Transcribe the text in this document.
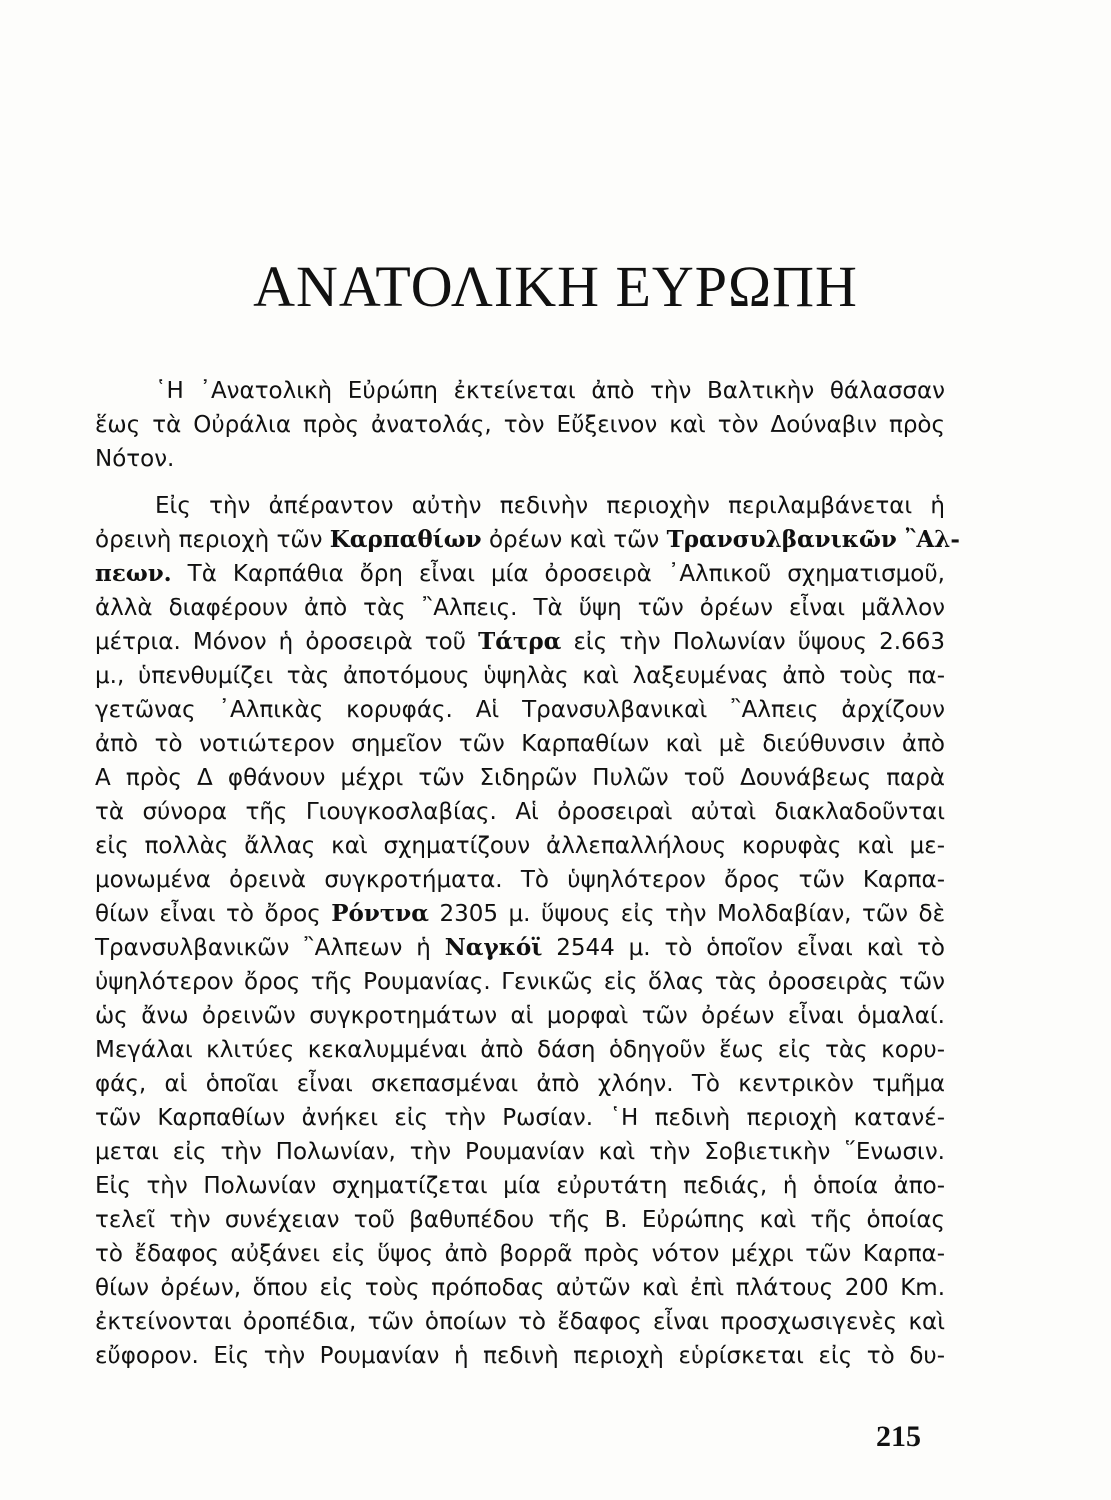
ΑΝΑΤΟΛΙΚΗ ΕΥΡΩΠΗ
῾Η ᾿Ανατολικὴ Εὐρώπη ἐκτείνεται ἀπὸ τὴν Βαλτικὴν θάλασσαν
ἕως τὰ Οὐράλια πρὸς ἀνατολάς, τὸν Εὔξεινον καὶ τὸν Δούναβιν πρὸς
Νότον.
Εἰς τὴν ἀπέραντον αὐτὴν πεδινὴν περιοχὴν περιλαμβάνεται ἡ
ὀρεινὴ περιοχὴ τῶν Καρπαθίων ὀρέων καὶ τῶν Τρανσυλβανικῶν ῍Αλ-
πεων. Τὰ Καρπάθια ὄρη εἶναι μία ὀροσειρὰ ᾿Αλπικοῦ σχηματισμοῦ,
ἀλλὰ διαφέρουν ἀπὸ τὰς ῍Αλπεις. Τὰ ὕψη τῶν ὀρέων εἶναι μᾶλλον
μέτρια. Μόνον ἡ ὀροσειρὰ τοῦ Τάτρα εἰς τὴν Πολωνίαν ὕψους 2.663
μ., ὑπενθυμίζει τὰς ἀποτόμους ὑψηλὰς καὶ λαξευμένας ἀπὸ τοὺς πα-
γετῶνας ᾿Αλπικὰς κορυφάς. Αἱ Τρανσυλβανικαὶ ῍Αλπεις ἀρχίζουν
ἀπὸ τὸ νοτιώτερον σημεῖον τῶν Καρπαθίων καὶ μὲ διεύθυνσιν ἀπὸ
Α πρὸς Δ φθάνουν μέχρι τῶν Σιδηρῶν Πυλῶν τοῦ Δουνάβεως παρὰ
τὰ σύνορα τῆς Γιουγκοσλαβίας. Αἱ ὀροσειραὶ αὐταὶ διακλαδοῦνται
εἰς πολλὰς ἄλλας καὶ σχηματίζουν ἀλλεπαλλήλους κορυφὰς καὶ με-
μονωμένα ὀρεινὰ συγκροτήματα. Τὸ ὑψηλότερον ὄρος τῶν Καρπα-
θίων εἶναι τὸ ὄρος Ρόντνα 2305 μ. ὕψους εἰς τὴν Μολδαβίαν, τῶν δὲ
Τρανσυλβανικῶν ῍Αλπεων ἡ Ναγκόϊ 2544 μ. τὸ ὁποῖον εἶναι καὶ τὸ
ὑψηλότερον ὄρος τῆς Ρουμανίας. Γενικῶς εἰς ὅλας τὰς ὀροσειρὰς τῶν
ὡς ἄνω ὀρεινῶν συγκροτημάτων αἱ μορφαὶ τῶν ὀρέων εἶναι ὁμαλαί.
Μεγάλαι κλιτύες κεκαλυμμέναι ἀπὸ δάση ὁδηγοῦν ἕως εἰς τὰς κορυ-
φάς, αἱ ὁποῖαι εἶναι σκεπασμέναι ἀπὸ χλόην. Τὸ κεντρικὸν τμῆμα
τῶν Καρπαθίων ἀνήκει εἰς τὴν Ρωσίαν. ῾Η πεδινὴ περιοχὴ κατανέ-
μεται εἰς τὴν Πολωνίαν, τὴν Ρουμανίαν καὶ τὴν Σοβιετικὴν ῞Ενωσιν.
Εἰς τὴν Πολωνίαν σχηματίζεται μία εὐρυτάτη πεδιάς, ἡ ὁποία ἀπο-
τελεῖ τὴν συνέχειαν τοῦ βαθυπέδου τῆς Β. Εὐρώπης καὶ τῆς ὁποίας
τὸ ἔδαφος αὐξάνει εἰς ὕψος ἀπὸ βορρᾶ πρὸς νότον μέχρι τῶν Καρπα-
θίων ὀρέων, ὅπου εἰς τοὺς πρόποδας αὐτῶν καὶ ἐπὶ πλάτους 200 Km.
ἐκτείνονται ὀροπέδια, τῶν ὁποίων τὸ ἔδαφος εἶναι προσχωσιγενὲς καὶ
εὔφορον. Εἰς τὴν Ρουμανίαν ἡ πεδινὴ περιοχὴ εὑρίσκεται εἰς τὸ δυ-
215
